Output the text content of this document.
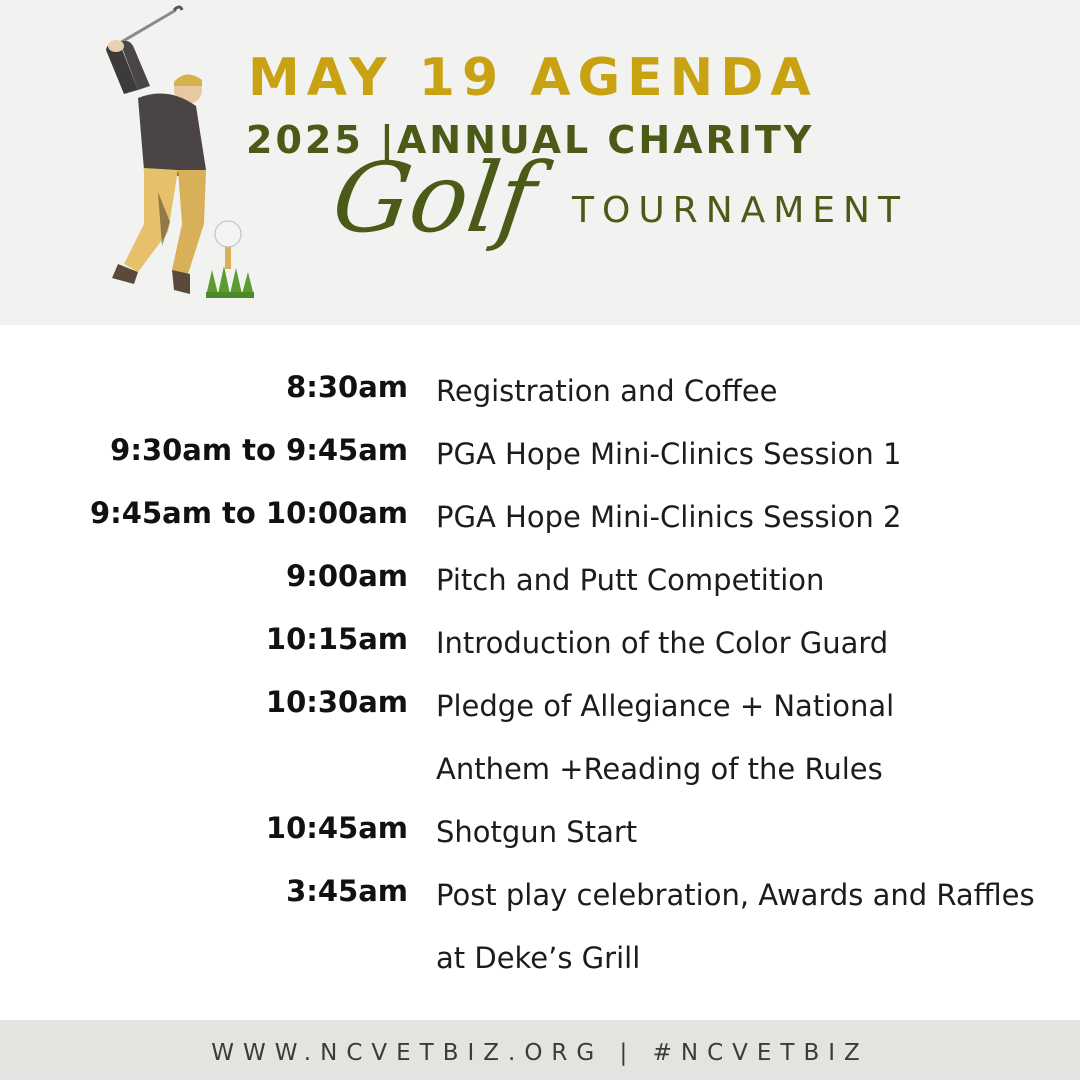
MAY 19 AGENDA
2025 |ANNUAL CHARITY
Golf TOURNAMENT
8:30am Registration and Coffee
9:30am to 9:45am PGA Hope Mini-Clinics Session 1
9:45am to 10:00am PGA Hope Mini-Clinics Session 2
9:00am Pitch and Putt Competition
10:15am Introduction of the Color Guard
10:30am Pledge of Allegiance + National Anthem +Reading of the Rules
10:45am Shotgun Start
3:45am Post play celebration, Awards and Raffles at Deke’s Grill
WWW.NCVETBIZ.ORG | #NCVETBIZ
